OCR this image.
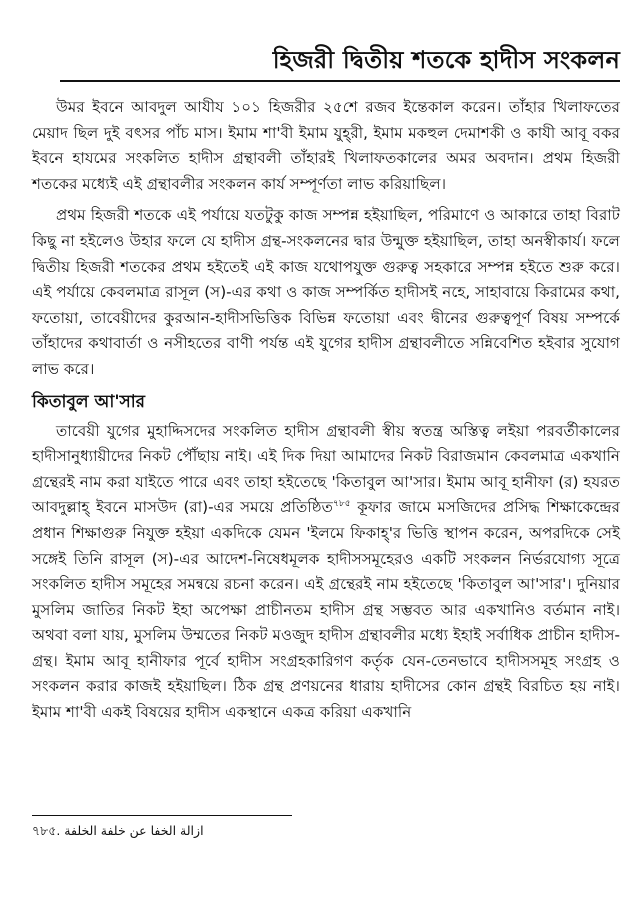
হিজরী দ্বিতীয় শতকে হাদীস সংকলন

উমর ইবনে আবদুল আযীয ১০১ হিজরীর ২৫শে রজব ইন্তেকাল করেন। তাঁহার খিলাফতের মেয়াদ ছিল দুই বৎসর পাঁচ মাস। ইমাম শা'বী ইমাম যুহ্‌রী, ইমাম মকহুল দেমাশকী ও কাযী আবূ বকর ইবনে হাযমের সংকলিত হাদীস গ্রন্থাবলী তাঁহারই খিলাফতকালের অমর অবদান। প্রথম হিজরী শতকের মধ্যেই এই গ্রন্থাবলীর সংকলন কার্য সম্পূর্ণতা লাভ করিয়াছিল।

প্রথম হিজরী শতকে এই পর্যায়ে যতটুকু কাজ সম্পন্ন হইয়াছিল, পরিমাণে ও আকারে তাহা বিরাট কিছু না হইলেও উহার ফলে যে হাদীস গ্রন্থ-সংকলনের দ্বার উন্মুক্ত হইয়াছিল, তাহা অনস্বীকার্য। ফলে দ্বিতীয় হিজরী শতকের প্রথম হইতেই এই কাজ যথোপযুক্ত গুরুত্ব সহকারে সম্পন্ন হইতে শুরু করে। এই পর্যায়ে কেবলমাত্র রাসূল (স)-এর কথা ও কাজ সম্পর্কিত হাদীসই নহে, সাহাবায়ে কিরামের কথা, ফতোয়া, তাবেয়ীদের কুরআন-হাদীসভিত্তিক বিভিন্ন ফতোয়া এবং দ্বীনের গুরুত্বপূর্ণ বিষয় সম্পর্কে তাঁহাদের কথাবার্তা ও নসীহতের বাণী পর্যন্ত এই যুগের হাদীস গ্রন্থাবলীতে সন্নিবেশিত হইবার সুযোগ লাভ করে।

কিতাবুল আ'সার

তাবেয়ী যুগের মুহাদ্দিসদের সংকলিত হাদীস গ্রন্থাবলী স্বীয় স্বতন্ত্র অস্তিত্ব লইয়া পরবর্তীকালের হাদীসানুধ্যায়ীদের নিকট পৌঁছায় নাই। এই দিক দিয়া আমাদের নিকট বিরাজমান কেবলমাত্র একখানি গ্রন্থেরই নাম করা যাইতে পারে এবং তাহা হইতেছে 'কিতাবুল আ'সার। ইমাম আবূ হানীফা (র) হযরত আবদুল্লাহ্ ইবনে মাসউদ (রা)-এর সময়ে প্রতিষ্ঠিত$^{৭৮৫}$ কূফার জামে মসজিদের প্রসিদ্ধ শিক্ষাকেন্দ্রের প্রধান শিক্ষাগুরু নিযুক্ত হইয়া একদিকে যেমন 'ইলমে ফিকাহ্'র ভিত্তি স্থাপন করেন, অপরদিকে সেই সঙ্গেই তিনি রাসূল (স)-এর আদেশ-নিষেধমূলক হাদীসসমূহেরও একটি সংকলন নির্ভরযোগ্য সূত্রে সংকলিত হাদীস সমূহের সমন্বয়ে রচনা করেন। এই গ্রন্থেরই নাম হইতেছে 'কিতাবুল আ'সার'। দুনিয়ার মুসলিম জাতির নিকট ইহা অপেক্ষা প্রাচীনতম হাদীস গ্রন্থ সম্ভবত আর একখানিও বর্তমান নাই। অথবা বলা যায়, মুসলিম উম্মতের নিকট মওজুদ হাদীস গ্রন্থাবলীর মধ্যে ইহাই সর্বাধিক প্রাচীন হাদীস-গ্রন্থ। ইমাম আবূ হানীফার পূর্বে হাদীস সংগ্রহকারিগণ কর্তৃক যেন-তেনভাবে হাদীসসমূহ সংগ্রহ ও সংকলন করার কাজই হইয়াছিল। ঠিক গ্রন্থ প্রণয়নের ধারায় হাদীসের কোন গ্রন্থই বিরচিত হয় নাই। ইমাম শা'বী একই বিষয়ের হাদীস একস্থানে একত্র করিয়া একখানি

৭৮৫. ازالة الخفا عن خلفة الخلفة
